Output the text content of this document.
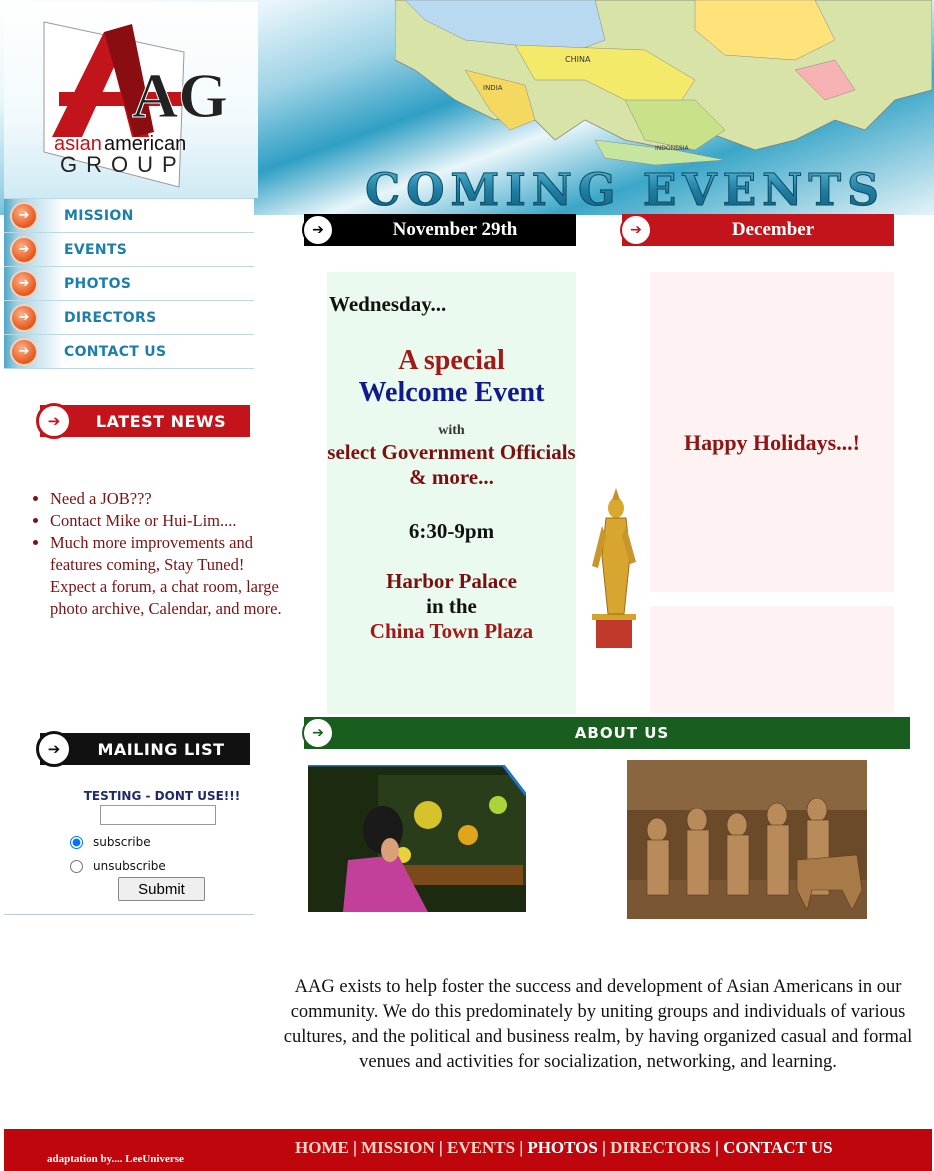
AG
asian american
GROUP
CHINA
INDIA
INDONESIA
COMING EVENTS
➔	MISSION
➔	EVENTS
➔	PHOTOS
➔	DIRECTORS
➔	CONTACT US
➔	LATEST NEWS
• Need a JOB???
• Contact Mike or Hui-Lim....
• Much more improvements and features coming, Stay Tuned! Expect a forum, a chat room, large photo archive, Calendar, and more.
➔	MAILING LIST
TESTING - DONT USE!!!
subscribe
unsubscribe
Submit
➔	November 29th	➔	December
Wednesday...
A special
Welcome Event
with
select Government Officials & more...
6:30-9pm
Harbor Palace
in the
China Town Plaza
Happy Holidays...!
➔	ABOUT US
AAG exists to help foster the success and development of Asian Americans in our community. We do this predominately by uniting groups and individuals of various cultures, and the political and business realm, by having organized casual and formal venues and activities for socialization, networking, and learning.
adaptation by.... LeeUniverse
HOME | MISSION | EVENTS | PHOTOS | DIRECTORS | CONTACT US
